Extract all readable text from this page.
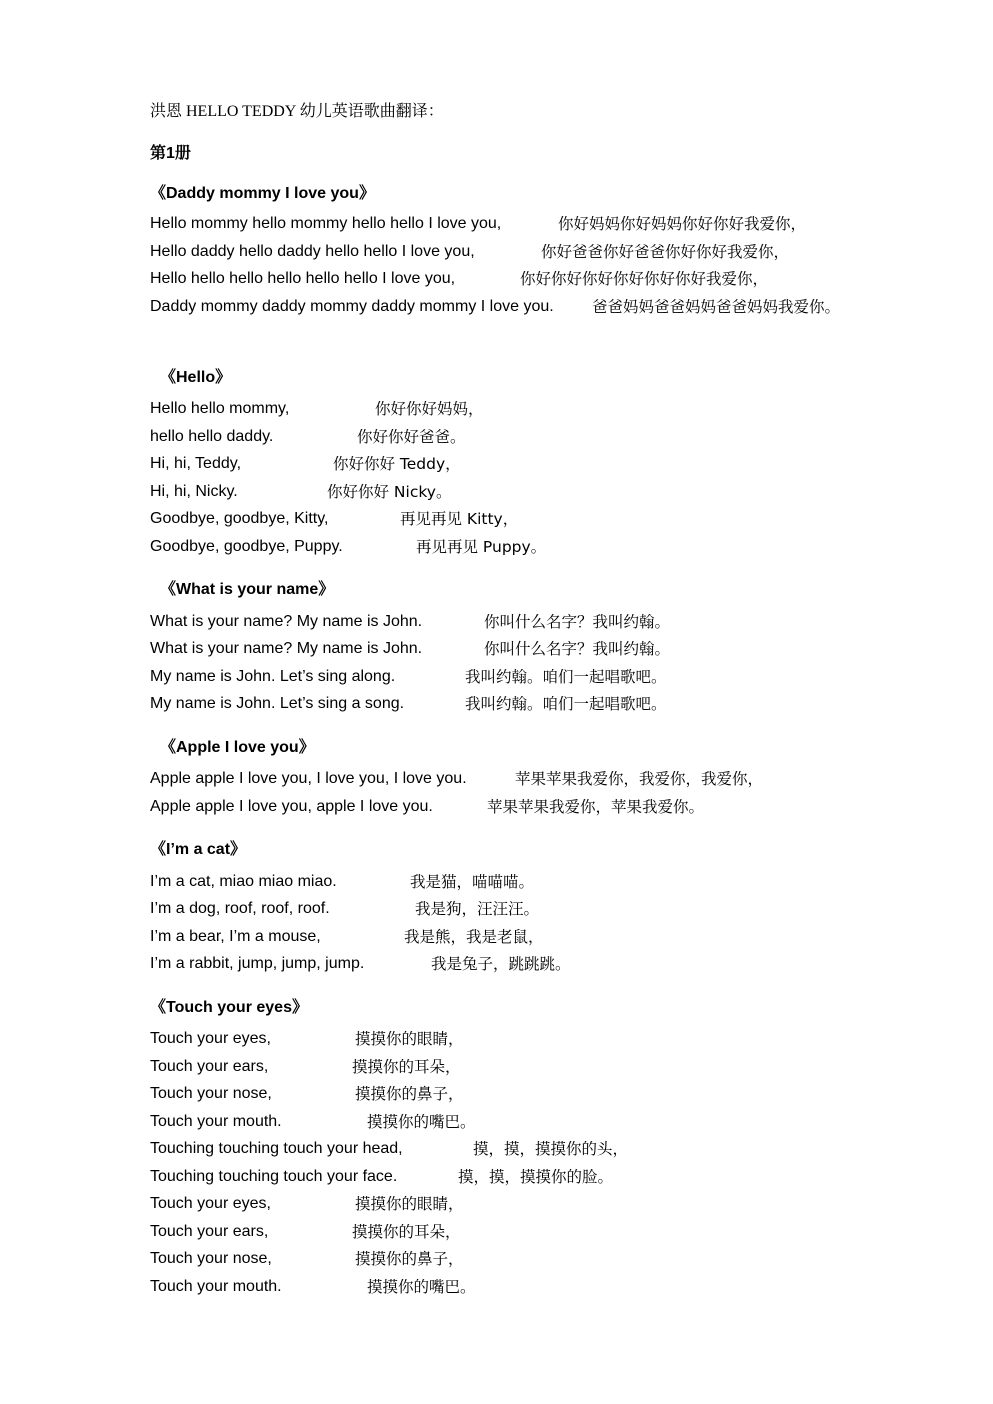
洪恩 HELLO TEDDY 幼儿英语歌曲翻译：
第1册
《Daddy mommy I love you》
Hello mommy hello mommy hello hello I love you,	你好妈妈你好妈妈你好你好我爱你，
Hello daddy hello daddy hello hello I love you,	你好爸爸你好爸爸你好你好我爱你，
Hello hello hello hello hello hello I love you,	你好你好你好你好你好你好我爱你，
Daddy mommy daddy mommy daddy mommy I love you. 爸爸妈妈爸爸妈妈爸爸妈妈我爱你。
《Hello》
Hello hello mommy,	你好你好妈妈，
hello hello daddy.	你好你好爸爸。
Hi, hi, Teddy,	你好你好 Teddy，
Hi, hi, Nicky.	你好你好 Nicky。
Goodbye, goodbye, Kitty,	再见再见 Kitty，
Goodbye, goodbye, Puppy.	再见再见 Puppy。
《What is your name》
What is your name? My name is John.	你叫什么名字？我叫约翰。
What is your name? My name is John.	你叫什么名字？我叫约翰。
My name is John. Let’s sing along.	我叫约翰。咱们一起唱歌吧。
My name is John. Let’s sing a song.	我叫约翰。咱们一起唱歌吧。
《Apple I love you》
Apple apple I love you, I love you, I love you.	苹果苹果我爱你，我爱你，我爱你，
Apple apple I love you, apple I love you.	苹果苹果我爱你，苹果我爱你。
《I’m a cat》
I’m a cat, miao miao miao.	我是猫，喵喵喵。
I’m a dog, roof, roof, roof.	我是狗，汪汪汪。
I’m a bear, I’m a mouse,	我是熊，我是老鼠，
I’m a rabbit, jump, jump, jump.	我是兔子，跳跳跳。
《Touch your eyes》
Touch your eyes,	摸摸你的眼睛，
Touch your ears,	摸摸你的耳朵，
Touch your nose,	摸摸你的鼻子，
Touch your mouth.	摸摸你的嘴巴。
Touching touching touch your head,	摸，摸，摸摸你的头，
Touching touching touch your face.	摸，摸，摸摸你的脸。
Touch your eyes,	摸摸你的眼睛，
Touch your ears,	摸摸你的耳朵，
Touch your nose,	摸摸你的鼻子，
Touch your mouth.	摸摸你的嘴巴。
